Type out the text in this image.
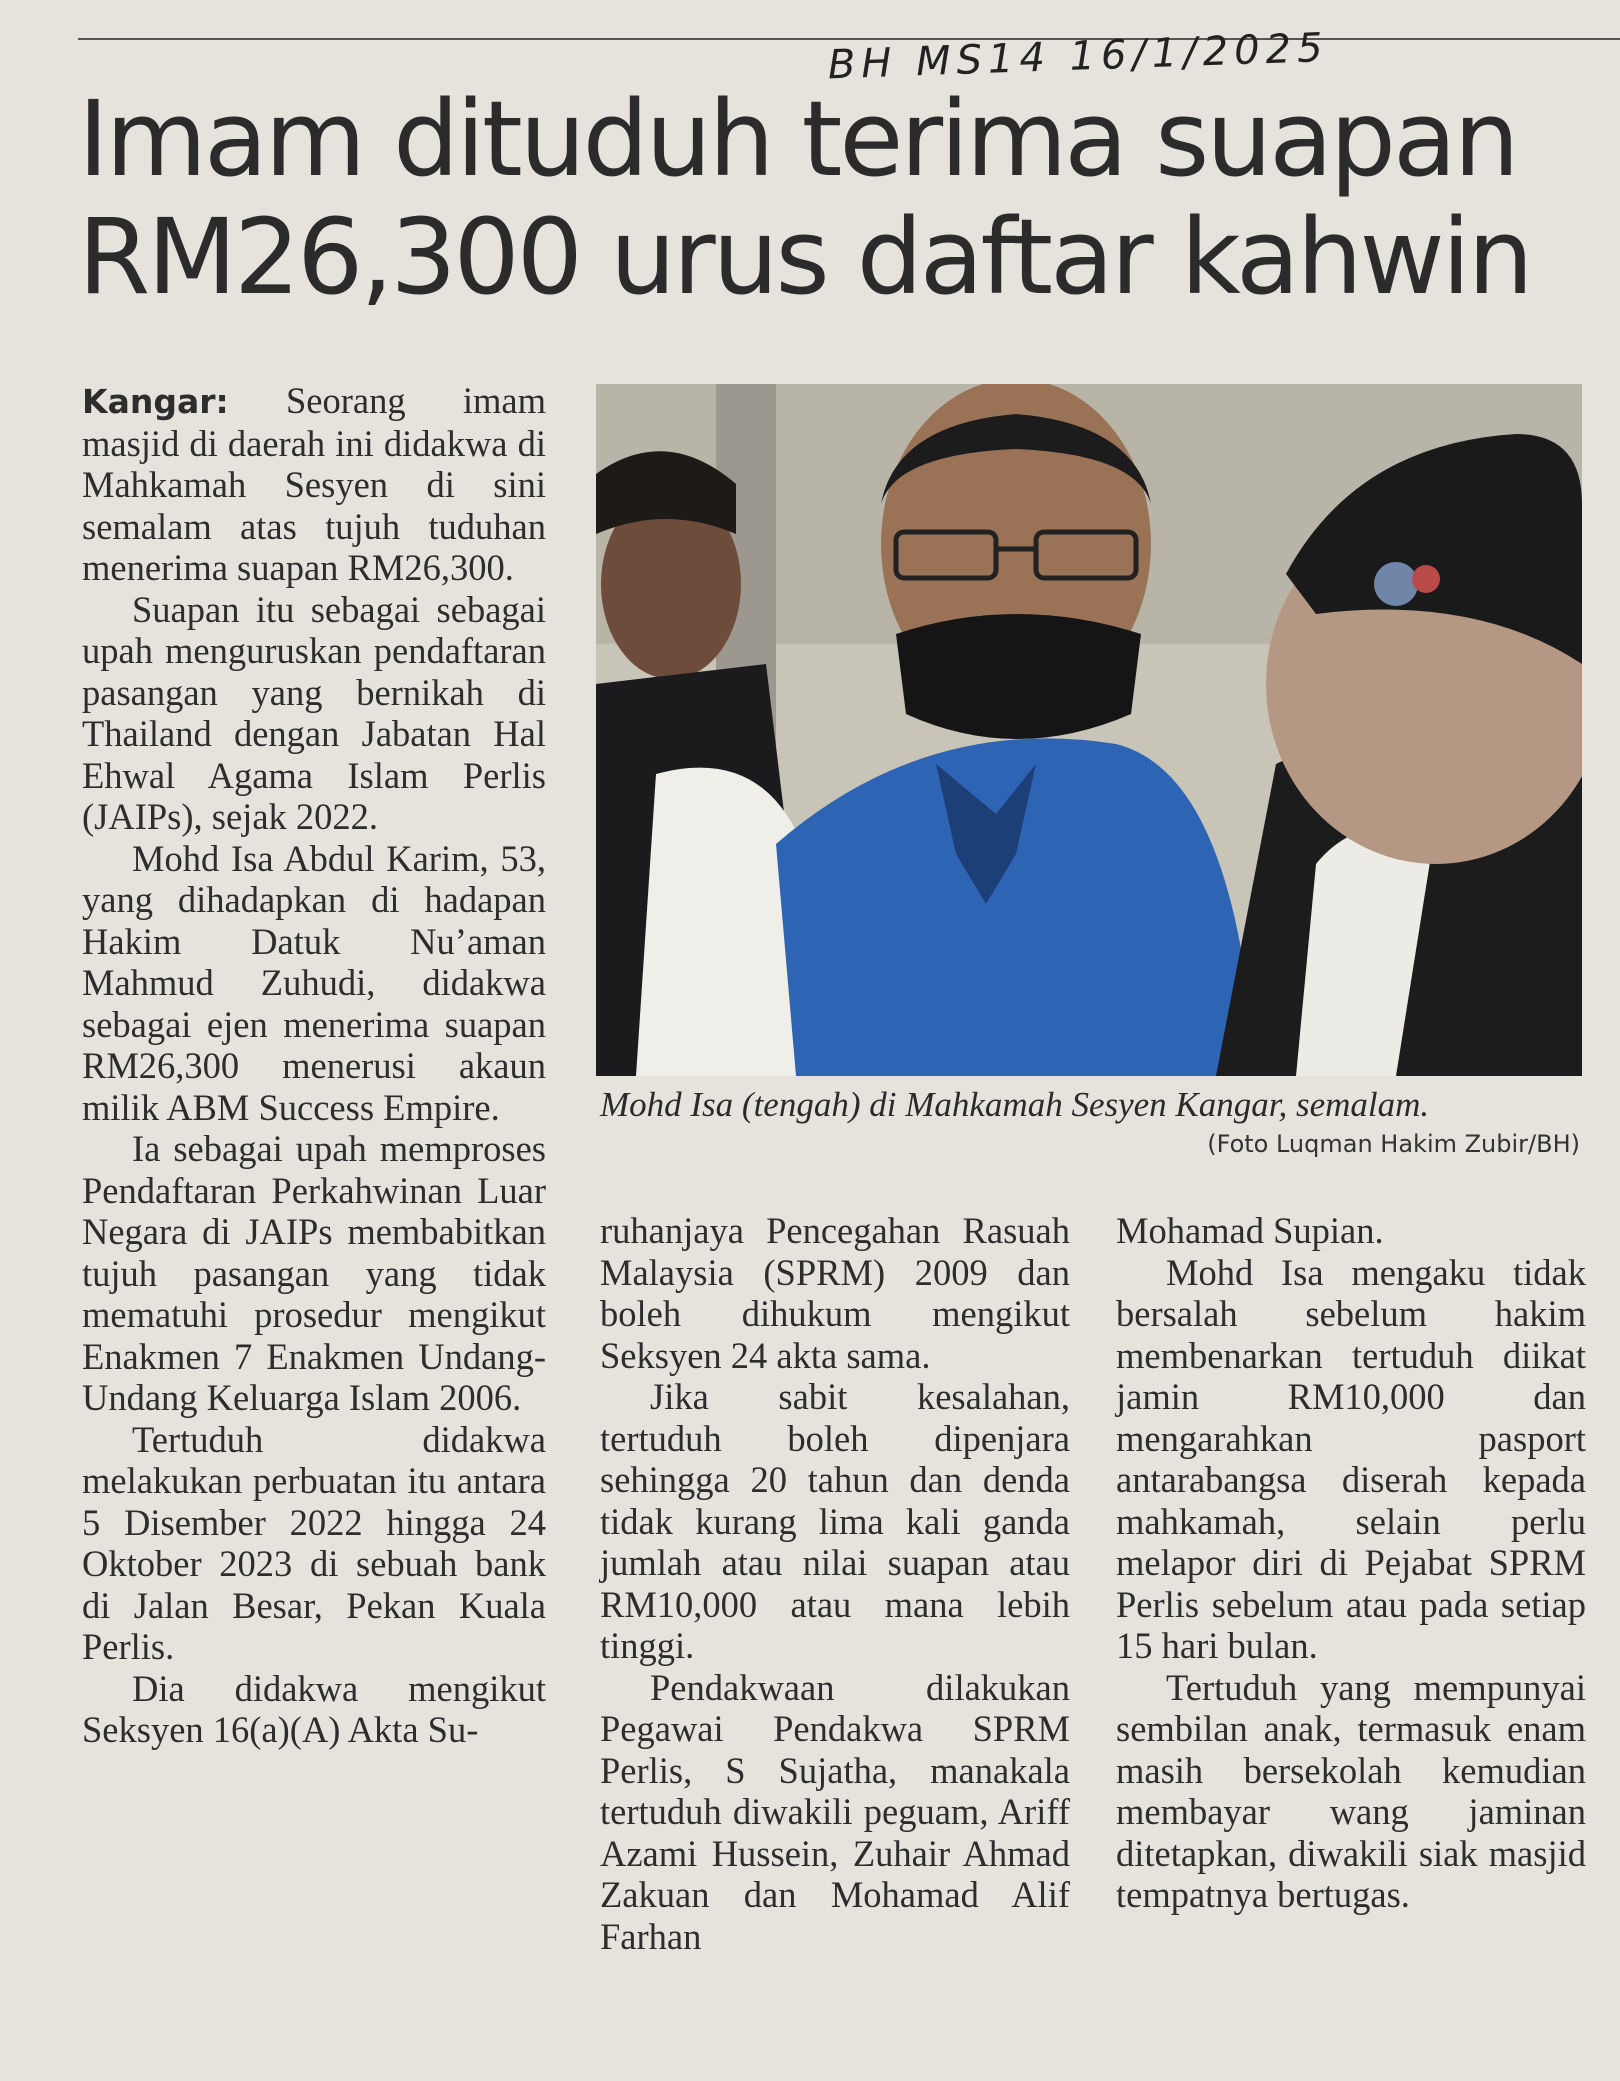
BH MS14 16/1/2025
Imam dituduh terima suapan
RM26,300 urus daftar kahwin

Kangar: Seorang imam masjid di daerah ini didakwa di Mahkamah Sesyen di sini semalam atas tujuh tuduhan menerima suapan RM26,300.

Suapan itu sebagai sebagai upah menguruskan pendaftaran pasangan yang bernikah di Thailand dengan Jabatan Hal Ehwal Agama Islam Perlis (JAIPs), sejak 2022.

Mohd Isa Abdul Karim, 53, yang dihadapkan di hadapan Hakim Datuk Nu’aman Mahmud Zuhudi, didakwa sebagai ejen menerima suapan RM26,300 menerusi akaun milik ABM Success Empire.

Ia sebagai upah memproses Pendaftaran Perkahwinan Luar Negara di JAIPs membabitkan tujuh pasangan yang tidak mematuhi prosedur mengikut Enakmen 7 Enakmen Undang-Undang Keluarga Islam 2006.

Tertuduh didakwa melakukan perbuatan itu antara 5 Disember 2022 hingga 24 Oktober 2023 di sebuah bank di Jalan Besar, Pekan Kuala Perlis.

Dia didakwa mengikut Seksyen 16(a)(A) Akta Su-

Mohd Isa (tengah) di Mahkamah Sesyen Kangar, semalam.
(Foto Luqman Hakim Zubir/BH)

ruhanjaya Pencegahan Rasuah Malaysia (SPRM) 2009 dan boleh dihukum mengikut Seksyen 24 akta sama.

Jika sabit kesalahan, tertuduh boleh dipenjara sehingga 20 tahun dan denda tidak kurang lima kali ganda jumlah atau nilai suapan atau RM10,000 atau mana lebih tinggi.

Pendakwaan dilakukan Pegawai Pendakwa SPRM Perlis, S Sujatha, manakala tertuduh diwakili peguam, Ariff Azami Hussein, Zuhair Ahmad Zakuan dan Mohamad Alif Farhan

Mohamad Supian.

Mohd Isa mengaku tidak bersalah sebelum hakim membenarkan tertuduh diikat jamin RM10,000 dan mengarahkan pasport antarabangsa diserah kepada mahkamah, selain perlu melapor diri di Pejabat SPRM Perlis sebelum atau pada setiap 15 hari bulan.

Tertuduh yang mempunyai sembilan anak, termasuk enam masih bersekolah kemudian membayar wang jaminan ditetapkan, diwakili siak masjid tempatnya bertugas.
